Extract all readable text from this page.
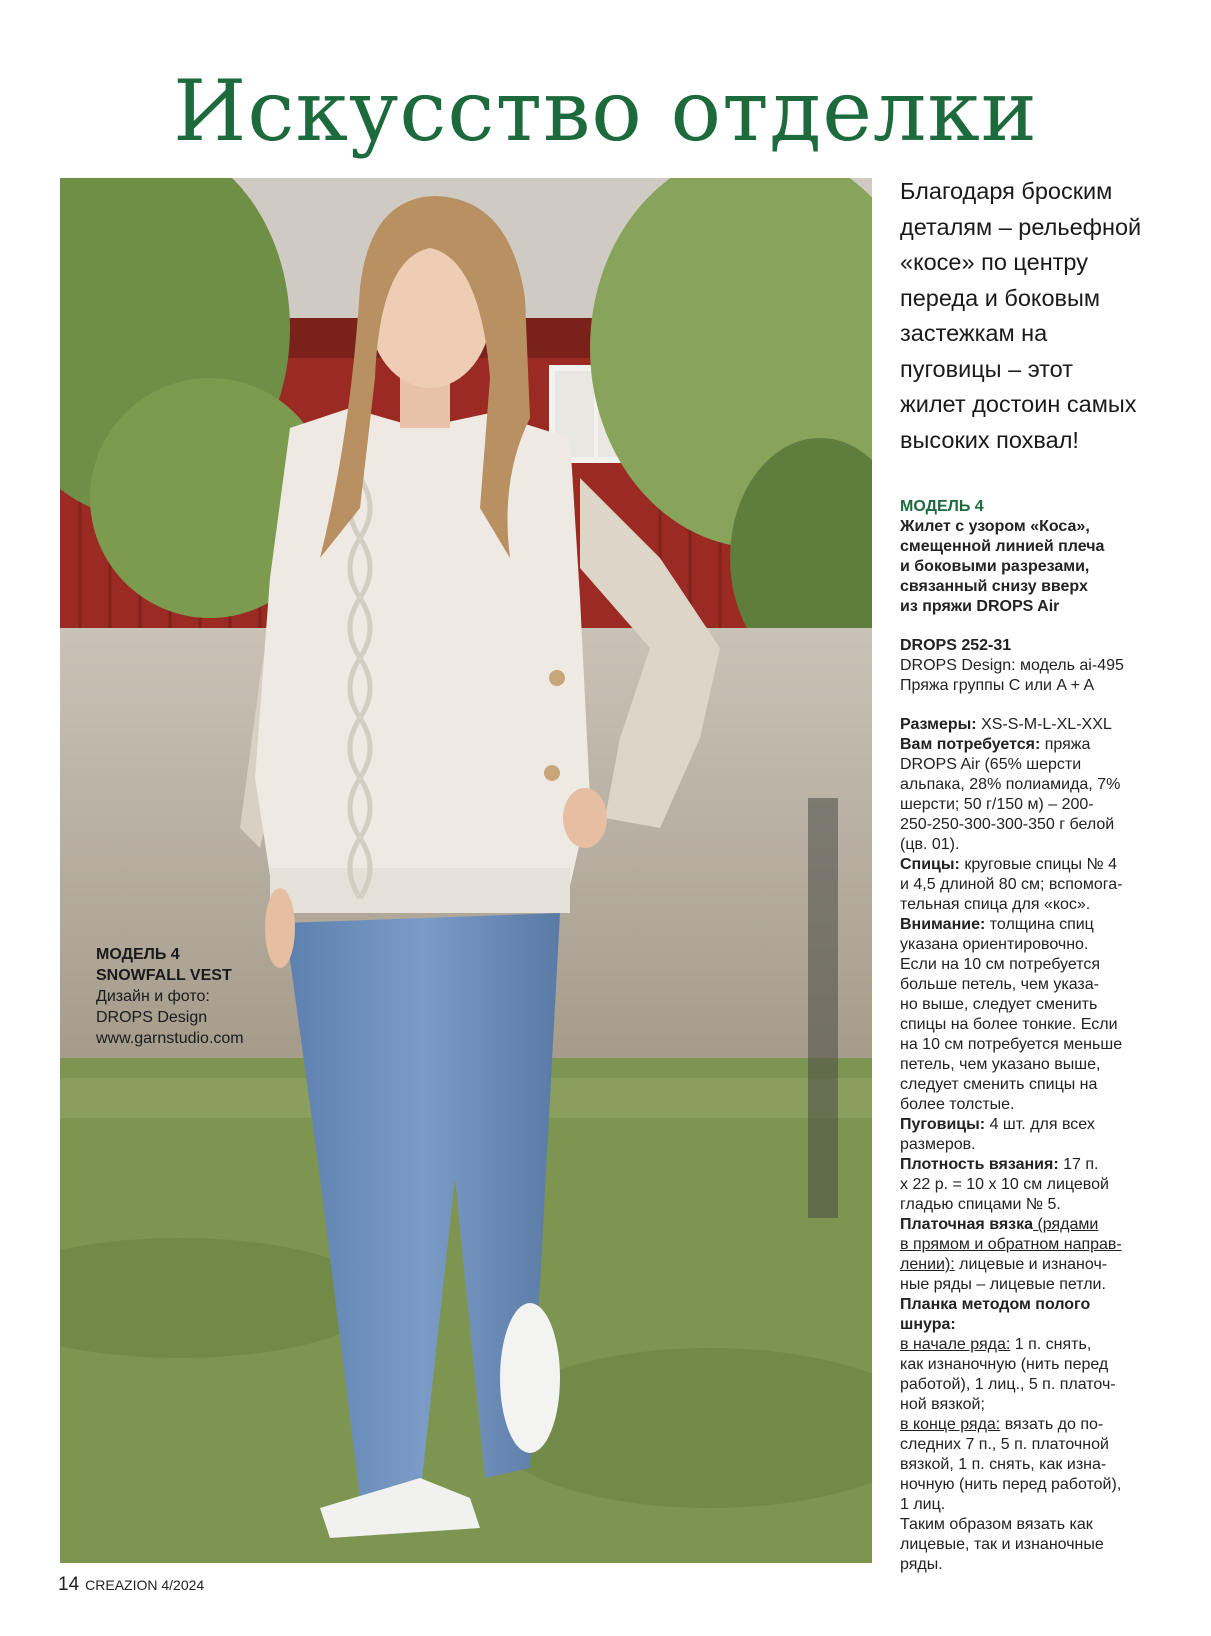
Искусство отделки
МОДЕЛЬ 4
SNOWFALL VEST
Дизайн и фото:
DROPS Design
www.garnstudio.com
Благодаря броским
деталям – рельефной
«косе» по центру
переда и боковым
застежкам на
пуговицы – этот
жилет достоин самых
высоких похвал!

МОДЕЛЬ 4

Жилет с узором «Коса»,

смещенной линией плеча

и боковыми разрезами,

связанный снизу вверх

из пряжи DROPS Air

DROPS 252-31

DROPS Design: модель ai-495

Пряжа группы C или A + A

Размеры: XS-S-M-L-XL-XXL

Вам потребуется: пряжа

DROPS Air (65% шерсти

альпака, 28% полиамида, 7%

шерсти; 50 г/150 м) – 200-

250-250-300-300-350 г белой

(цв. 01).

Спицы: круговые спицы № 4

и 4,5 длиной 80 см; вспомога-

тельная спица для «кос».

Внимание: толщина спиц

указана ориентировочно.

Если на 10 см потребуется

больше петель, чем указа-

но выше, следует сменить

спицы на более тонкие. Если

на 10 см потребуется меньше

петель, чем указано выше,

следует сменить спицы на

более толстые.

Пуговицы: 4 шт. для всех

размеров.

Плотность вязания: 17 п.

x 22 р. = 10 x 10 см лицевой

гладью спицами № 5.

Платочная вязка (рядами

в прямом и обратном направ-

лении): лицевые и изнаноч-

ные ряды – лицевые петли.

Планка методом полого

шнура:

в начале ряда: 1 п. снять,

как изнаночную (нить перед

работой), 1 лиц., 5 п. платоч-

ной вязкой;

в конце ряда: вязать до по-

следних 7 п., 5 п. платочной

вязкой, 1 п. снять, как изна-

ночную (нить перед работой),

1 лиц.

Таким образом вязать как

лицевые, так и изнаночные

ряды.

14 CREAZION 4/2024
